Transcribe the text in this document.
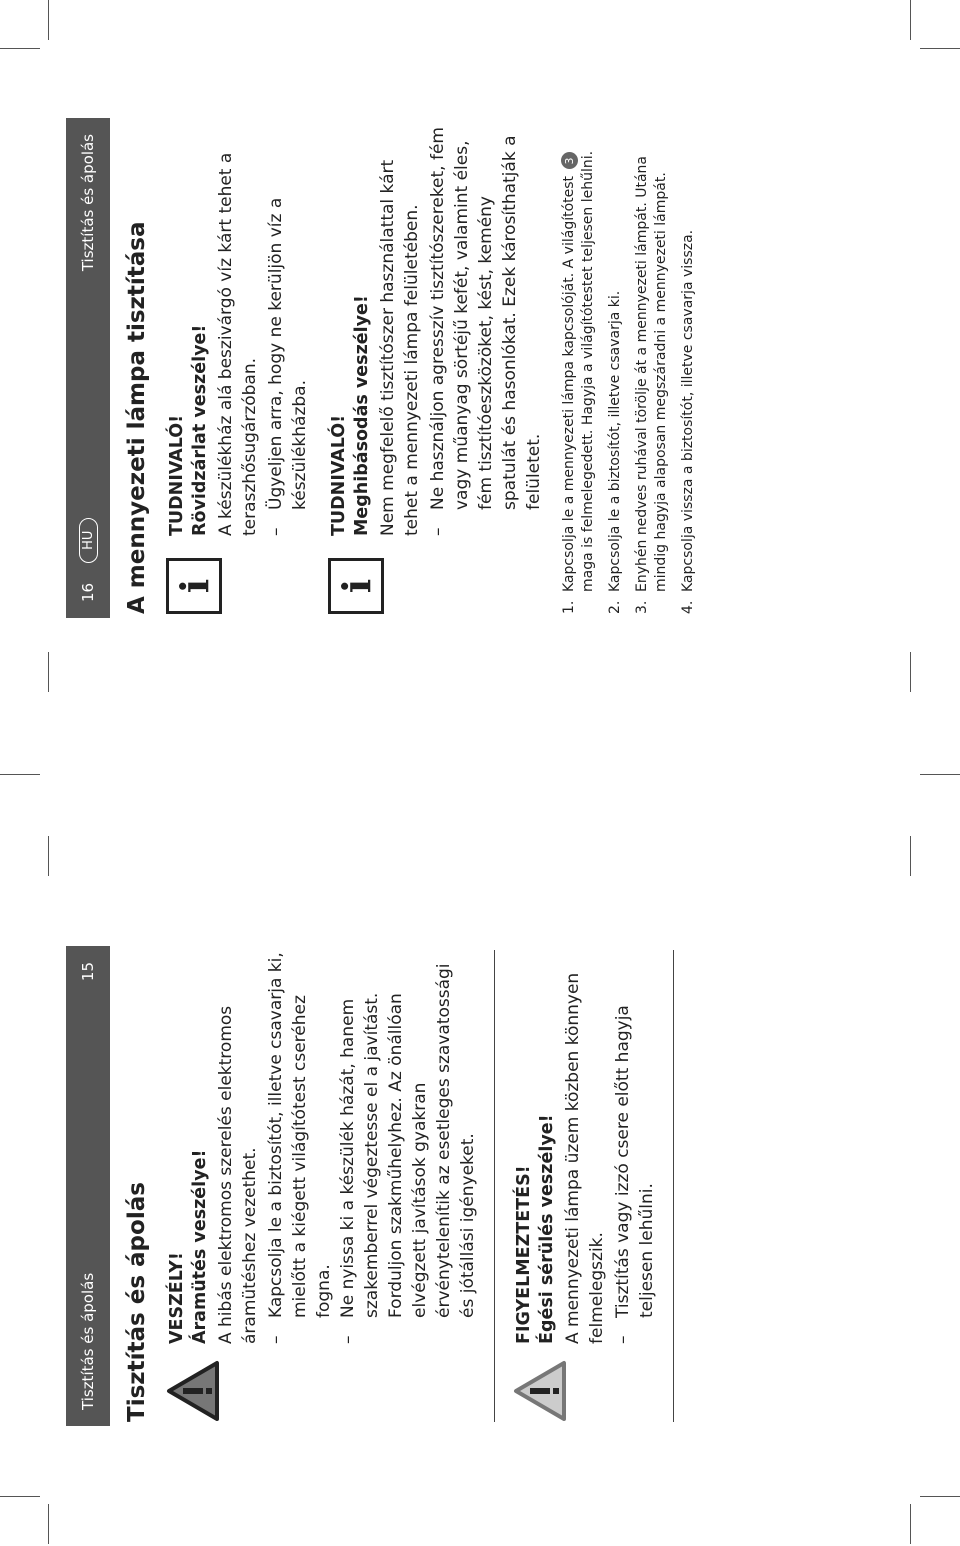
Tisztítás és ápolás
15
Tisztítás és ápolás VESZÉLY! Áramütés veszélye! A hibás elektromos szerelés elektromos áramütéshez vezethet. –Kapcsolja le a biztosítót, illetve csavarja ki, mielőtt a kiégett világítótest cseréhez fogna.
–Ne nyissa ki a készülék házát, hanem szakemberrel végeztesse el a javítást. Forduljon szakműhelyhez. Az önállóan elvégzett javítások gyakran érvénytelenítik az esetleges szavatossági és jótállási igényeket. FIGYELMEZTETÉS! Égési sérülés veszélye! A mennyezeti lámpa üzem közben könnyen felmelegszik. –Tisztítás vagy izzó csere előtt hagyja teljesen lehűlni.
16
HU
Tisztítás és ápolás
A mennyezeti lámpa tisztítása i
TUDNIVALÓ! Rövidzárlat veszélye! A készülékház alá beszivárgó víz kárt tehet a teraszhősugárzóban. –Ügyeljen arra, hogy ne kerüljön víz a készülékházba.
i
TUDNIVALÓ! Meghibásodás veszélye! Nem megfelelő tisztítószer használattal kárt tehet a mennyezeti lámpa felületében. –Ne használjon agresszív tisztítószereket, fém vagy műanyag sörtéjű kefét, valamint éles, fém tisztítóeszközöket, kést, kemény spatulát és hasonlókat. Ezek károsíthatják a felületet.
1.
Kapcsolja le a mennyezeti lámpa kapcsolóját. A világítótest 3 maga is felmelegedett. Hagyja a világítótestet teljesen lehűlni.
2.
Kapcsolja le a biztosítót, illetve csavarja ki.
3.
Enyhén nedves ruhával törölje át a mennyezeti lámpát. Utána mindig hagyja alaposan megszáradni a mennyezeti lámpát.
4.
Kapcsolja vissza a biztosítót, illetve csavarja vissza.
